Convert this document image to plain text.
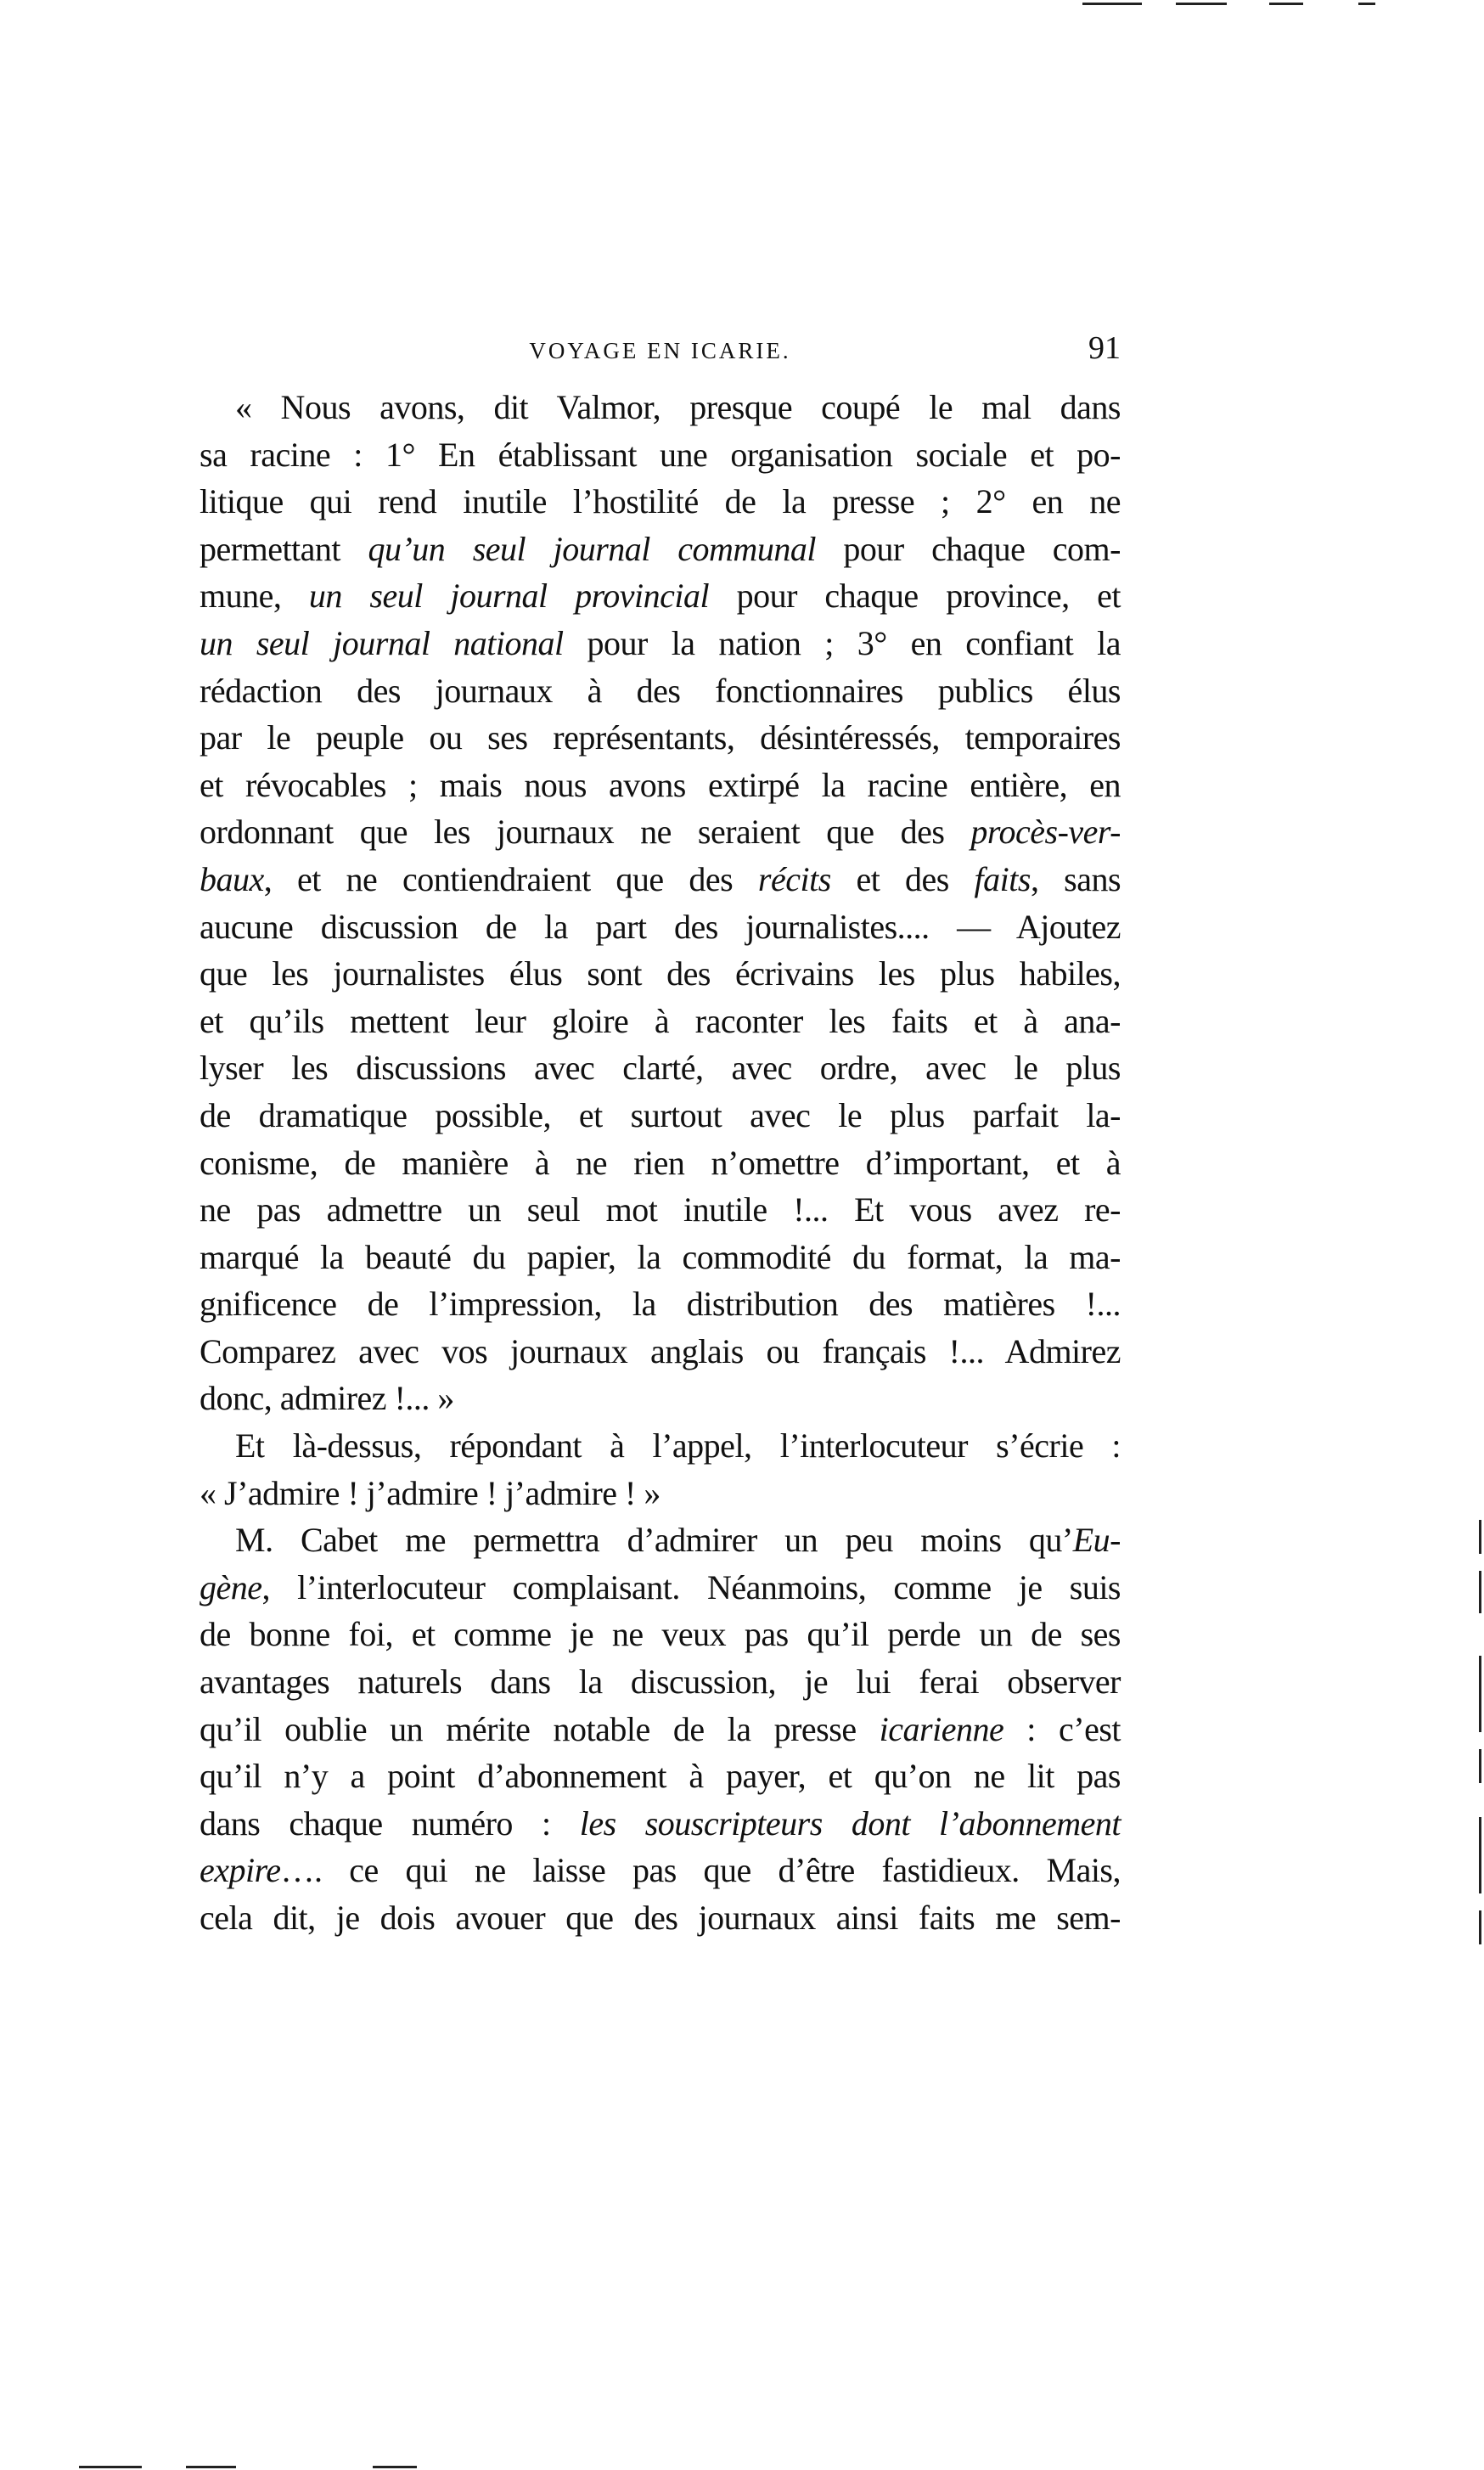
VOYAGE EN ICARIE.	91
« Nous avons, dit Valmor, presque coupé le mal dans
sa racine : 1° En établissant une organisation sociale et po-
litique qui rend inutile l’hostilité de la presse ; 2° en ne
permettant qu’un seul journal communal pour chaque com-
mune, un seul journal provincial pour chaque province, et
un seul journal national pour la nation ; 3° en confiant la
rédaction des journaux à des fonctionnaires publics élus
par le peuple ou ses représentants, désintéressés, temporaires
et révocables ; mais nous avons extirpé la racine entière, en
ordonnant que les journaux ne seraient que des procès-ver-
baux, et ne contiendraient que des récits et des faits, sans
aucune discussion de la part des journalistes.... — Ajoutez
que les journalistes élus sont des écrivains les plus habiles,
et qu’ils mettent leur gloire à raconter les faits et à ana-
lyser les discussions avec clarté, avec ordre, avec le plus
de dramatique possible, et surtout avec le plus parfait la-
conisme, de manière à ne rien n’omettre d’important, et à
ne pas admettre un seul mot inutile !... Et vous avez re-
marqué la beauté du papier, la commodité du format, la ma-
gnificence de l’impression, la distribution des matières !...
Comparez avec vos journaux anglais ou français !... Admirez
donc, admirez !... »
Et là-dessus, répondant à l’appel, l’interlocuteur s’écrie :
« J’admire ! j’admire ! j’admire ! »
M. Cabet me permettra d’admirer un peu moins qu’Eu-
gène, l’interlocuteur complaisant. Néanmoins, comme je suis
de bonne foi, et comme je ne veux pas qu’il perde un de ses
avantages naturels dans la discussion, je lui ferai observer
qu’il oublie un mérite notable de la presse icarienne : c’est
qu’il n’y a point d’abonnement à payer, et qu’on ne lit pas
dans chaque numéro : les souscripteurs dont l’abonnement
expire…. ce qui ne laisse pas que d’être fastidieux. Mais,
cela dit, je dois avouer que des journaux ainsi faits me sem-
